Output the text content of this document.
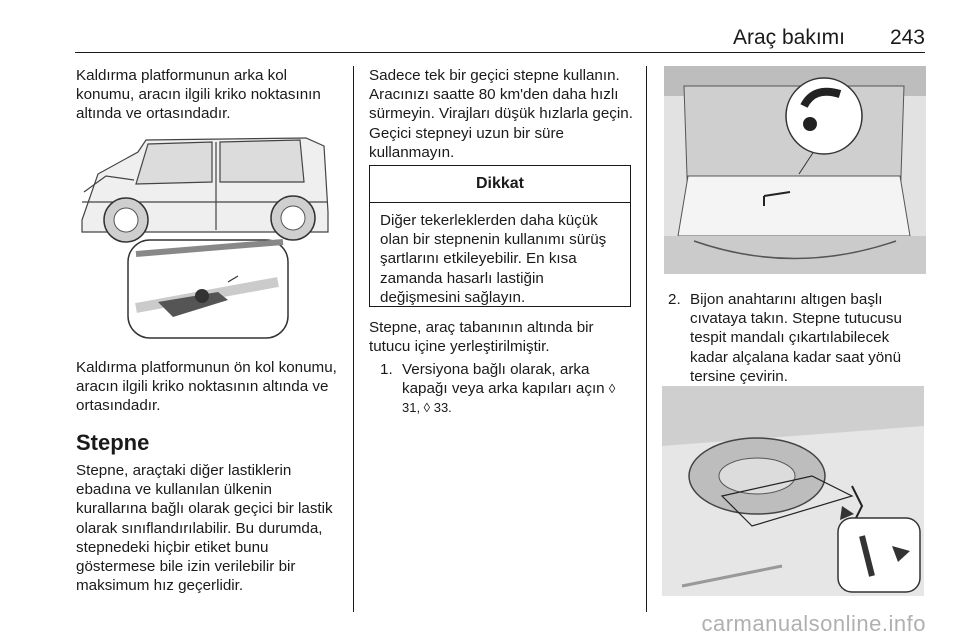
Araç bakımı 243

Kaldırma platformunun arka kol konumu, aracın ilgili kriko noktasının altında ve ortasındadır.

Kaldırma platformunun ön kol konumu, aracın ilgili kriko noktasının altında ve ortasındadır.

Stepne

Stepne, araçtaki diğer lastiklerin ebadına ve kullanılan ülkenin kurallarına bağlı olarak geçici bir lastik olarak sınıflandırılabilir. Bu durumda, stepnedeki hiçbir etiket bunu göstermese bile izin verilebilir bir maksimum hız geçerlidir.

Sadece tek bir geçici stepne kullanın. Aracınızı saatte 80 km'den daha hızlı sürmeyin. Virajları düşük hızlarla geçin. Geçici stepneyi uzun bir süre kullanmayın.

Dikkat
Diğer tekerleklerden daha küçük olan bir stepnenin kullanımı sürüş şartlarını etkileyebilir. En kısa zamanda hasarlı lastiğin değişmesini sağlayın.

Stepne, araç tabanının altında bir tutucu içine yerleştirilmiştir.

1. Versiyona bağlı olarak, arka kapağı veya arka kapıları açın ◊ 31, ◊ 33.
2. Bijon anahtarını altıgen başlı cıvataya takın. Stepne tutucusu tespit mandalı çıkartılabilecek kadar alçalana kadar saat yönü tersine çevirin.
carmanualsonline.info
